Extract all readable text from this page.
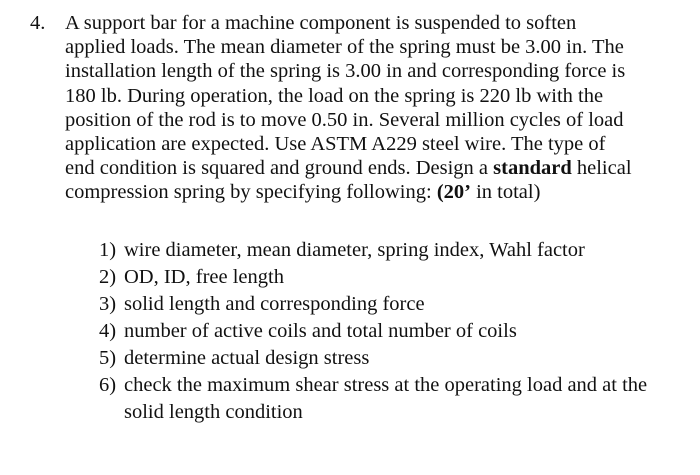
4. A support bar for a machine component is suspended to soften
applied loads. The mean diameter of the spring must be 3.00 in. The
installation length of the spring is 3.00 in and corresponding force is
180 lb. During operation, the load on the spring is 220 lb with the
position of the rod is to move 0.50 in. Several million cycles of load
application are expected. Use ASTM A229 steel wire. The type of
end condition is squared and ground ends. Design a standard helical
compression spring by specifying following: (20’ in total)
1) wire diameter, mean diameter, spring index, Wahl factor
2) OD, ID, free length
3) solid length and corresponding force
4) number of active coils and total number of coils
5) determine actual design stress
6) check the maximum shear stress at the operating load and at the solid length condition
